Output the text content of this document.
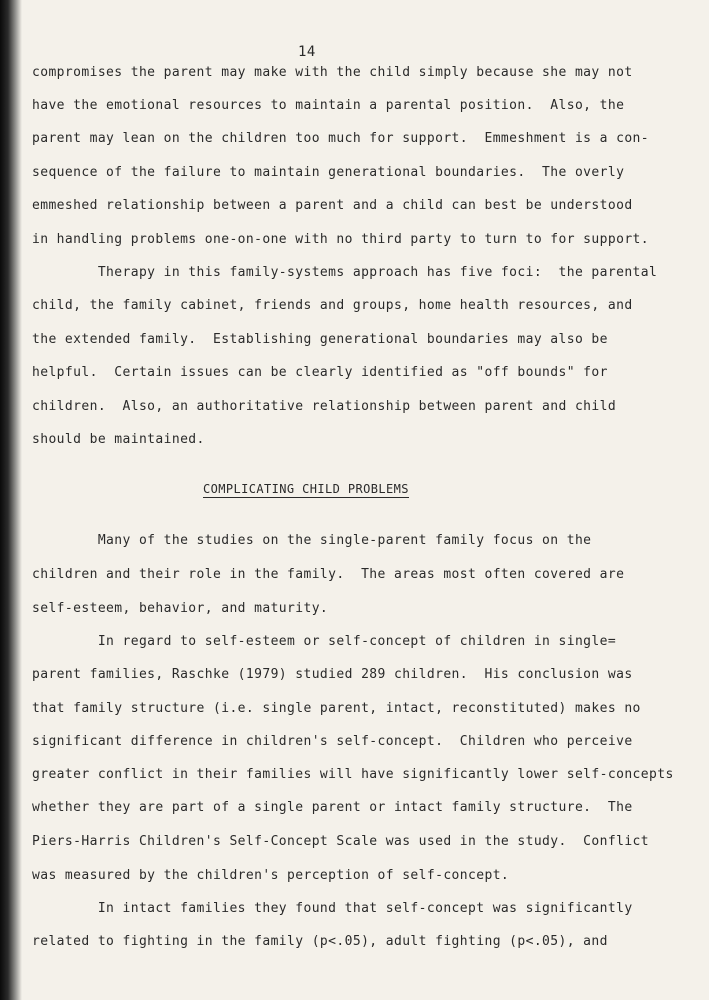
14
compromises the parent may make with the child simply because she may not
have the emotional resources to maintain a parental position.  Also, the
parent may lean on the children too much for support.  Emmeshment is a con-
sequence of the failure to maintain generational boundaries.  The overly
emmeshed relationship between a parent and a child can best be understood
in handling problems one-on-one with no third party to turn to for support.
Therapy in this family-systems approach has five foci:  the parental
child, the family cabinet, friends and groups, home health resources, and
the extended family.  Establishing generational boundaries may also be
helpful.  Certain issues can be clearly identified as "off bounds" for
children.  Also, an authoritative relationship between parent and child
should be maintained.
COMPLICATING CHILD PROBLEMS
Many of the studies on the single-parent family focus on the
children and their role in the family.  The areas most often covered are
self-esteem, behavior, and maturity.
In regard to self-esteem or self-concept of children in single=
parent families, Raschke (1979) studied 289 children.  His conclusion was
that family structure (i.e. single parent, intact, reconstituted) makes no
significant difference in children's self-concept.  Children who perceive
greater conflict in their families will have significantly lower self-concepts
whether they are part of a single parent or intact family structure.  The
Piers-Harris Children's Self-Concept Scale was used in the study.  Conflict
was measured by the children's perception of self-concept.
In intact families they found that self-concept was significantly
related to fighting in the family (p<.05), adult fighting (p<.05), and
